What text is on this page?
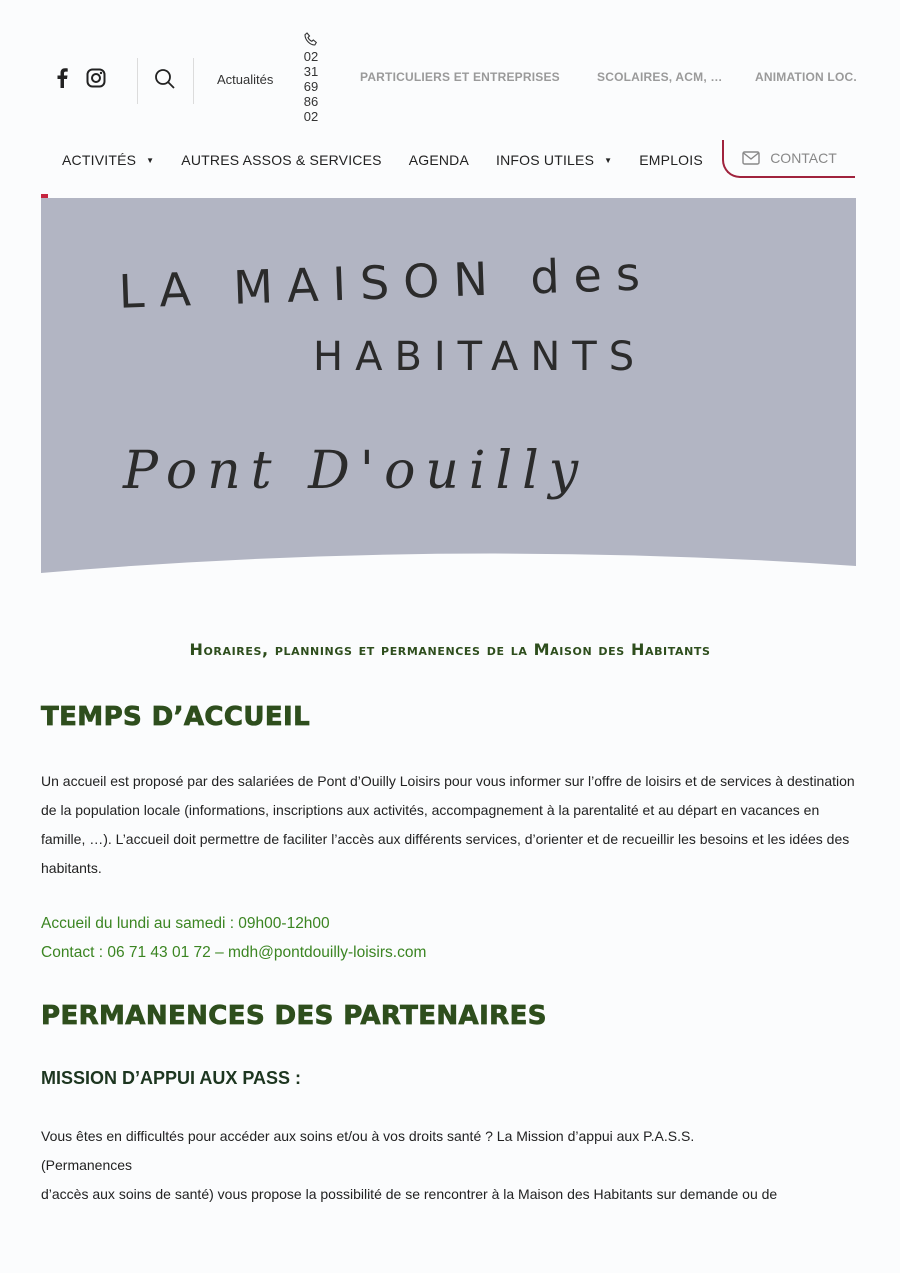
Actualités
02
31
69
86
02
PARTICULIERS ET ENTREPRISES	SCOLAIRES, ACM, …	ANIMATION LOC.
ACTIVITÉS ▼ AUTRES ASSOS & SERVICES AGENDA INFOS UTILES ▼ EMPLOIS	CONTACT
LA MAISON des
HABITANTS
Pont D'ouilly
Horaires, plannings et permanences de la Maison des Habitants
TEMPS D’ACCUEIL
Un accueil est proposé par des salariées de Pont d’Ouilly Loisirs pour vous informer sur l’offre de loisirs et de services à destination de la population locale (informations, inscriptions aux activités, accompagnement à la parentalité et au départ en vacances en famille, …). L’accueil doit permettre de faciliter l’accès aux différents services, d’orienter et de recueillir les besoins et les idées des habitants.
Accueil du lundi au samedi : 09h00-12h00
Contact : 06 71 43 01 72 – mdh@pontdouilly-loisirs.com
PERMANENCES DES PARTENAIRES
MISSION D’APPUI AUX PASS :
Vous êtes en difficultés pour accéder aux soins et/ou à vos droits santé ? La Mission d’appui aux P.A.S.S.
(Permanences
d’accès aux soins de santé) vous propose la possibilité de se rencontrer à la Maison des Habitants sur demande ou de
